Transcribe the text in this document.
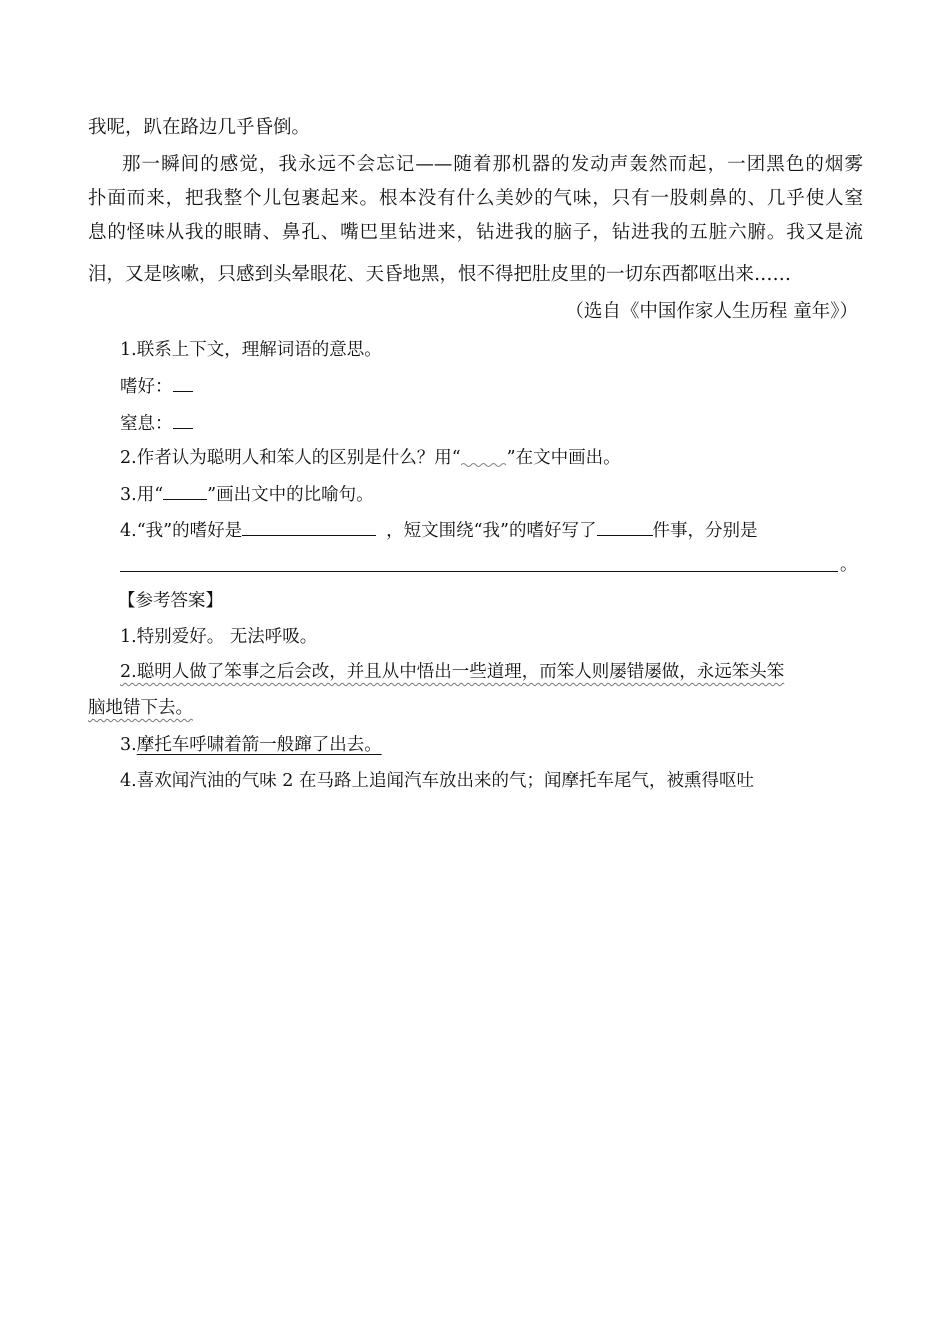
我呢，趴在路边几乎昏倒。
那一瞬间的感觉，我永远不会忘记——随着那机器的发动声轰然而起，一团黑色的烟雾
扑面而来，把我整个儿包裹起来。根本没有什么美妙的气味，只有一股刺鼻的、几乎使人窒
息的怪味从我的眼睛、鼻孔、嘴巴里钻进来，钻进我的脑子，钻进我的五脏六腑。我又是流
泪，又是咳嗽，只感到头晕眼花、天昏地黑，恨不得把肚皮里的一切东西都呕出来……
（选自《中国作家人生历程 童年》）
1.联系上下文，理解词语的意思。
嗜好：
窒息：
2.作者认为聪明人和笨人的区别是什么？用“	”在文中画出。
3.用“	”画出文中的比喻句。
4.“我”的嗜好是	，短文围绕“我”的嗜好写了	件事，分别是
。
【参考答案】
1.特别爱好。 无法呼吸。
2.聪明人做了笨事之后会改，并且从中悟出一些道理，而笨人则屡错屡做，永远笨头笨
脑地错下去。
3.摩托车呼啸着箭一般蹿了出去。
4.喜欢闻汽油的气味 2 在马路上追闻汽车放出来的气；闻摩托车尾气，被熏得呕吐
